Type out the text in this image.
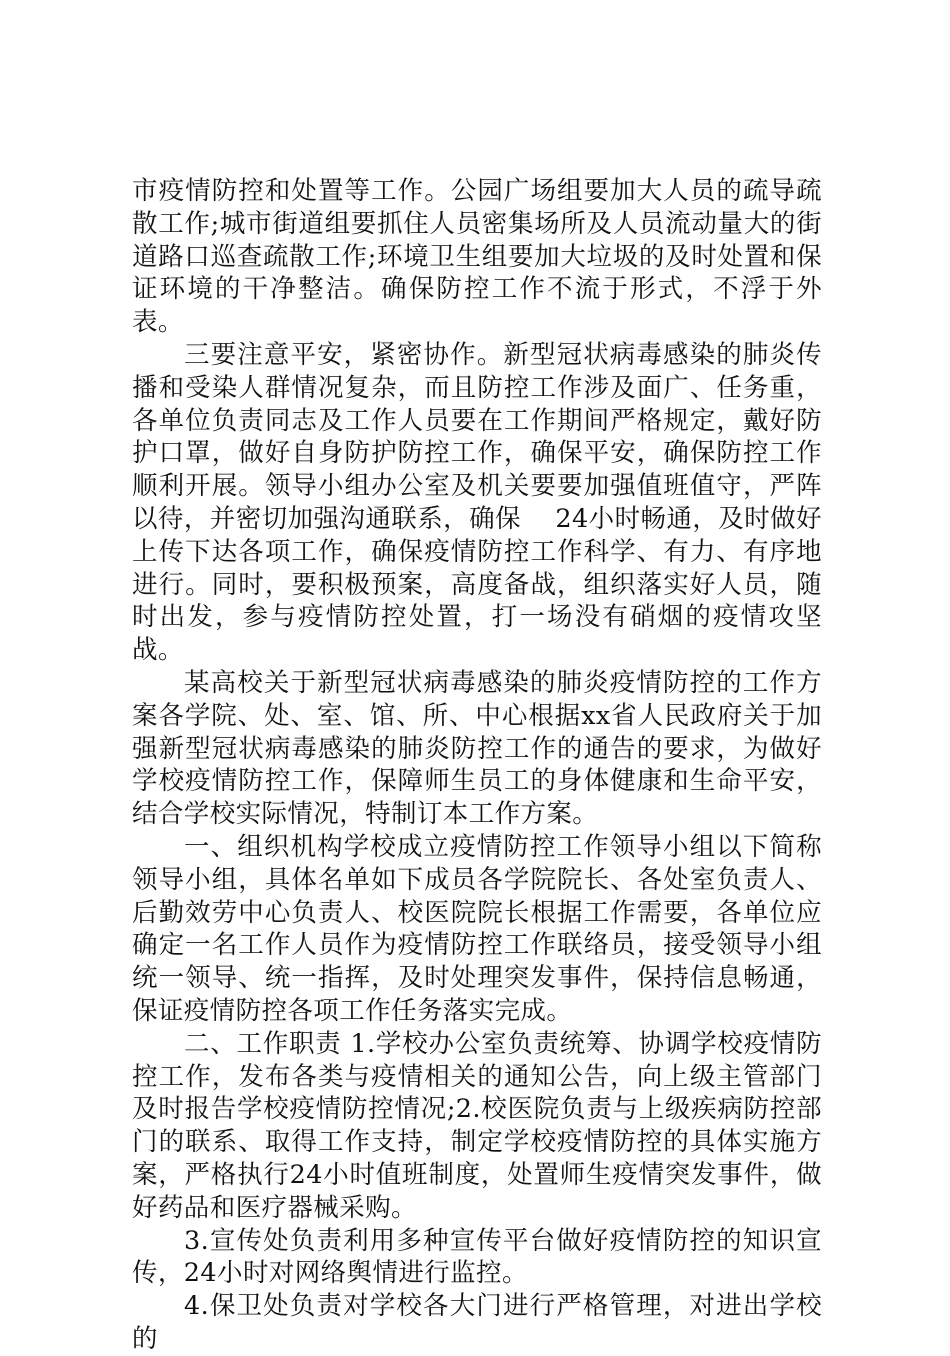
市疫情防控和处置等工作。公园广场组要加大人员的疏导疏散工作;城市街道组要抓住人员密集场所及人员流动量大的街道路口巡查疏散工作;环境卫生组要加大垃圾的及时处置和保证环境的干净整洁。确保防控工作不流于形式，不浮于外表。

三要注意平安，紧密协作。新型冠状病毒感染的肺炎传播和受染人群情况复杂，而且防控工作涉及面广、任务重，各单位负责同志及工作人员要在工作期间严格规定，戴好防护口罩，做好自身防护防控工作，确保平安，确保防控工作顺利开展。领导小组办公室及机关要要加强值班值守，严阵以待，并密切加强沟通联系，确保　 24小时畅通，及时做好上传下达各项工作，确保疫情防控工作科学、有力、有序地进行。同时，要积极预案，高度备战，组织落实好人员，随时出发，参与疫情防控处置，打一场没有硝烟的疫情攻坚战。

某高校关于新型冠状病毒感染的肺炎疫情防控的工作方案各学院、处、室、馆、所、中心根据xx省人民政府关于加强新型冠状病毒感染的肺炎防控工作的通告的要求，为做好学校疫情防控工作，保障师生员工的身体健康和生命平安，结合学校实际情况，特制订本工作方案。

一、组织机构学校成立疫情防控工作领导小组以下简称领导小组，具体名单如下成员各学院院长、各处室负责人、后勤效劳中心负责人、校医院院长根据工作需要，各单位应确定一名工作人员作为疫情防控工作联络员，接受领导小组统一领导、统一指挥，及时处理突发事件，保持信息畅通，保证疫情防控各项工作任务落实完成。

二、工作职责 1.学校办公室负责统筹、协调学校疫情防控工作，发布各类与疫情相关的通知公告，向上级主管部门及时报告学校疫情防控情况;2.校医院负责与上级疾病防控部门的联系、取得工作支持，制定学校疫情防控的具体实施方案，严格执行24小时值班制度，处置师生疫情突发事件，做好药品和医疗器械采购。

3.宣传处负责利用多种宣传平台做好疫情防控的知识宣传，24小时对网络舆情进行监控。

4.保卫处负责对学校各大门进行严格管理，对进出学校的
